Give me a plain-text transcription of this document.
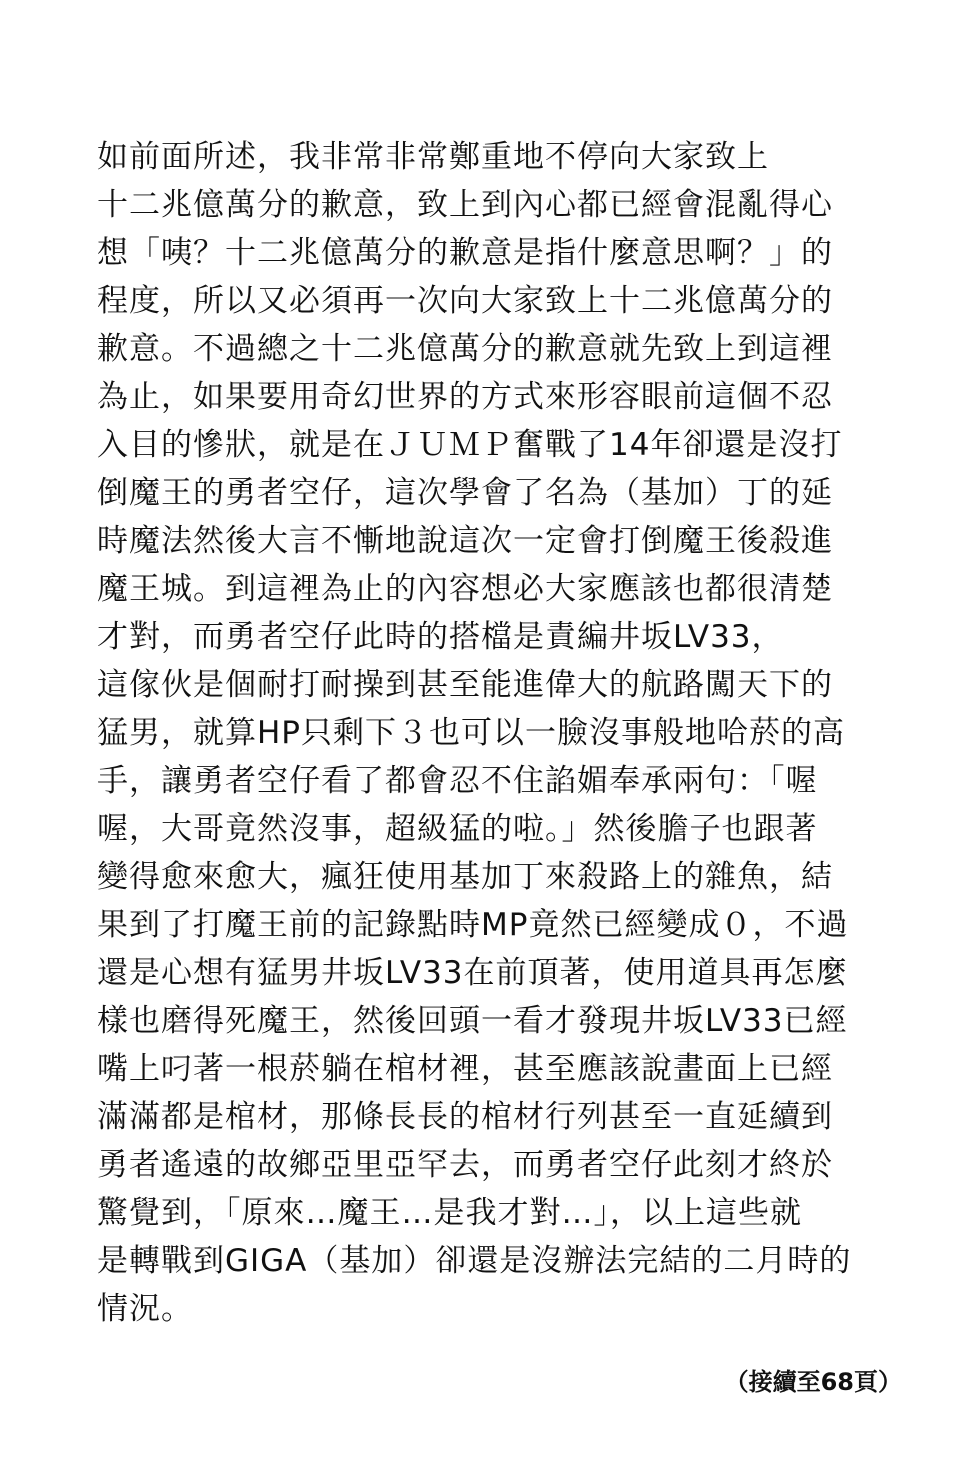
如前面所述，我非常非常鄭重地不停向大家致上
十二兆億萬分的歉意，致上到內心都已經會混亂得心
想「咦？十二兆億萬分的歉意是指什麼意思啊？」的
程度，所以又必須再一次向大家致上十二兆億萬分的
歉意。不過總之十二兆億萬分的歉意就先致上到這裡
為止，如果要用奇幻世界的方式來形容眼前這個不忍
入目的慘狀，就是在ＪＵＭＰ奮戰了14年卻還是沒打
倒魔王的勇者空仔，這次學會了名為（基加）丁的延
時魔法然後大言不慚地說這次一定會打倒魔王後殺進
魔王城。到這裡為止的內容想必大家應該也都很清楚
才對，而勇者空仔此時的搭檔是責編井坂LV33，
這傢伙是個耐打耐操到甚至能進偉大的航路闖天下的
猛男，就算HP只剩下３也可以一臉沒事般地哈菸的高
手，讓勇者空仔看了都會忍不住諂媚奉承兩句：「喔
喔，大哥竟然沒事，超級猛的啦。」然後膽子也跟著
變得愈來愈大，瘋狂使用基加丁來殺路上的雜魚，結
果到了打魔王前的記錄點時MP竟然已經變成０，不過
還是心想有猛男井坂LV33在前頂著，使用道具再怎麼
樣也磨得死魔王，然後回頭一看才發現井坂LV33已經
嘴上叼著一根菸躺在棺材裡，甚至應該說畫面上已經
滿滿都是棺材，那條長長的棺材行列甚至一直延續到
勇者遙遠的故鄉亞里亞罕去，而勇者空仔此刻才終於
驚覺到，「原來…魔王…是我才對…」，以上這些就
是轉戰到GIGA（基加）卻還是沒辦法完結的二月時的
情況。
（接續至68頁）
